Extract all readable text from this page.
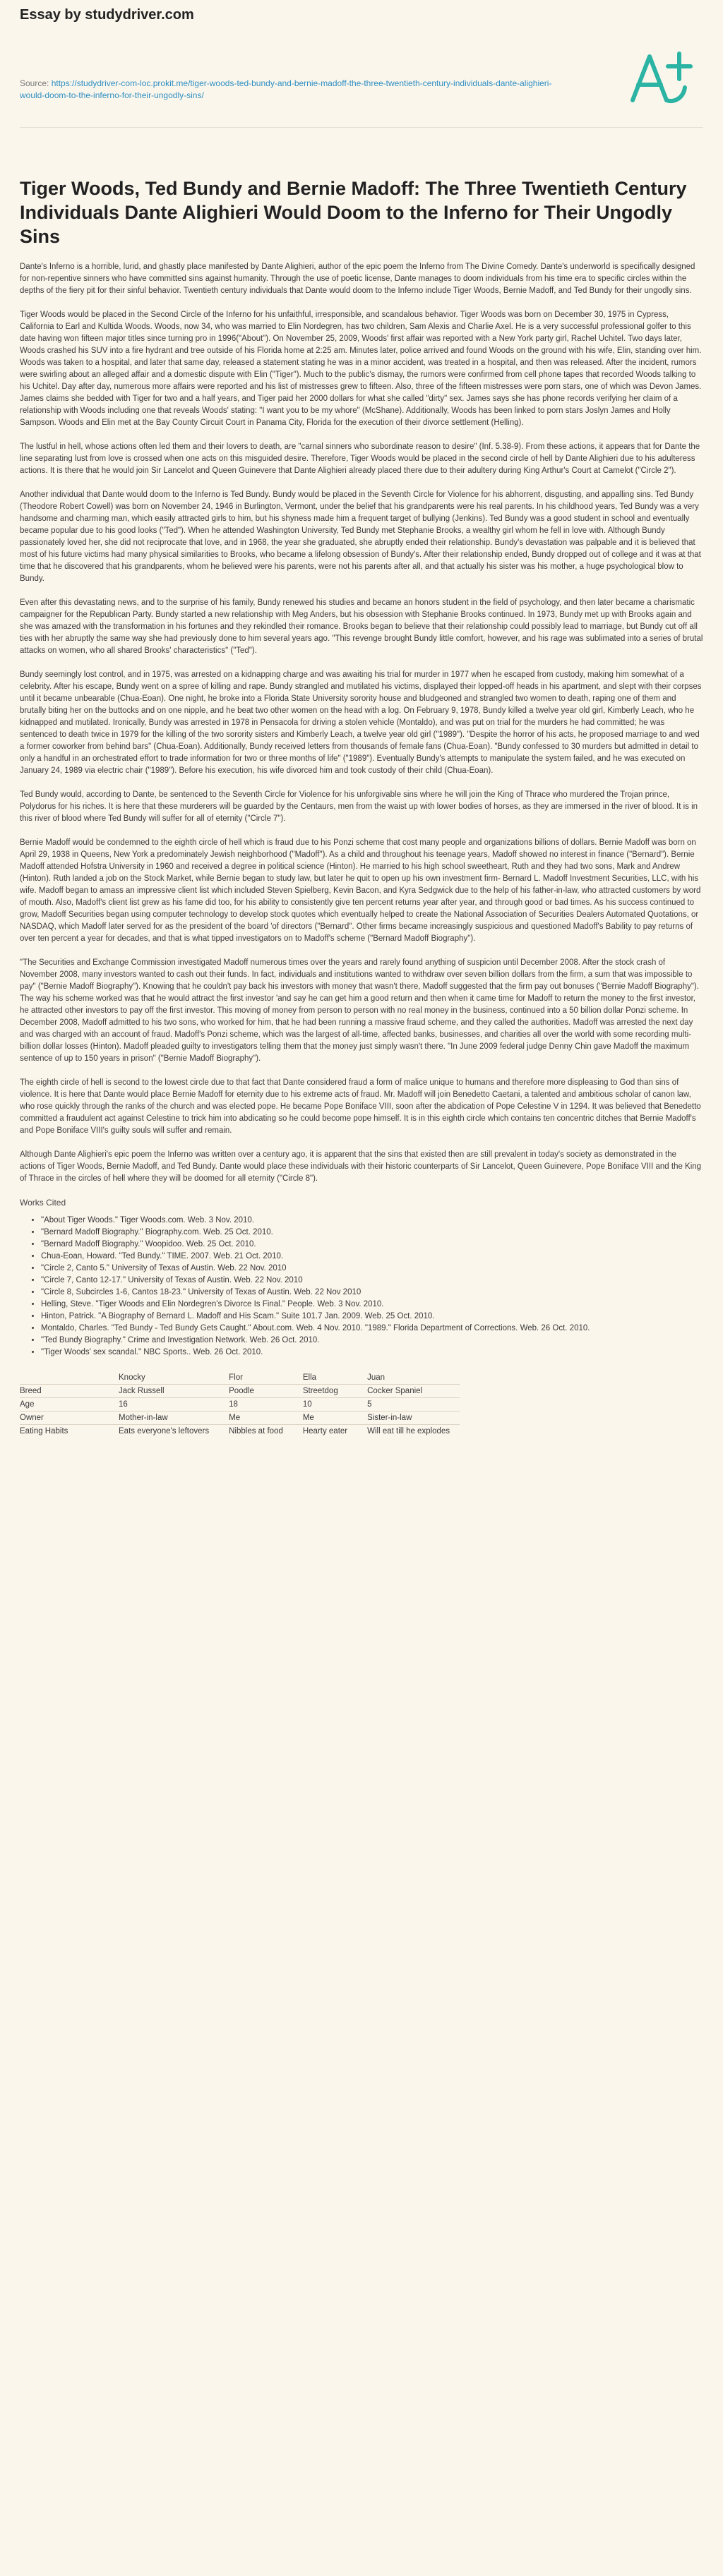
Essay by studydriver.com
Source: https://studydriver-com-loc.prokit.me/tiger-woods-ted-bundy-and-bernie-madoff-the-three-twentieth-century-individuals-dante-alighieri-would-doom-to-the-inferno-for-their-ungodly-sins/
Tiger Woods, Ted Bundy and Bernie Madoff: The Three Twentieth Century Individuals Dante Alighieri Would Doom to the Inferno for Their Ungodly Sins

Dante's Inferno is a horrible, lurid, and ghastly place manifested by Dante Alighieri, author of the epic poem the Inferno from The Divine Comedy. Dante's underworld is specifically designed for non-repentive sinners who have committed sins against humanity. Through the use of poetic license, Dante manages to doom individuals from his time era to specific circles within the depths of the fiery pit for their sinful behavior. Twentieth century individuals that Dante would doom to the Inferno include Tiger Woods, Bernie Madoff, and Ted Bundy for their ungodly sins.

Tiger Woods would be placed in the Second Circle of the Inferno for his unfaithful, irresponsible, and scandalous behavior. Tiger Woods was born on December 30, 1975 in Cypress, California to Earl and Kultida Woods. Woods, now 34, who was married to Elin Nordegren, has two children, Sam Alexis and Charlie Axel. He is a very successful professional golfer to this date having won fifteen major titles since turning pro in 1996("About"). On November 25, 2009, Woods' first affair was reported with a New York party girl, Rachel Uchitel. Two days later, Woods crashed his SUV into a fire hydrant and tree outside of his Florida home at 2:25 am. Minutes later, police arrived and found Woods on the ground with his wife, Elin, standing over him. Woods was taken to a hospital, and later that same day, released a statement stating he was in a minor accident, was treated in a hospital, and then was released. After the incident, rumors were swirling about an alleged affair and a domestic dispute with Elin ("Tiger"). Much to the public's dismay, the rumors were confirmed from cell phone tapes that recorded Woods talking to his Uchitel. Day after day, numerous more affairs were reported and his list of mistresses grew to fifteen. Also, three of the fifteen mistresses were porn stars, one of which was Devon James. James claims she bedded with Tiger for two and a half years, and Tiger paid her 2000 dollars for what she called "dirty" sex. James says she has phone records verifying her claim of a relationship with Woods including one that reveals Woods' stating: "I want you to be my whore" (McShane). Additionally, Woods has been linked to porn stars Joslyn James and Holly Sampson. Woods and Elin met at the Bay County Circuit Court in Panama City, Florida for the execution of their divorce settlement (Helling).

The lustful in hell, whose actions often led them and their lovers to death, are "carnal sinners who subordinate reason to desire" (Inf. 5.38-9). From these actions, it appears that for Dante the line separating lust from love is crossed when one acts on this misguided desire. Therefore, Tiger Woods would be placed in the second circle of hell by Dante Alighieri due to his adulteress actions. It is there that he would join Sir Lancelot and Queen Guinevere that Dante Alighieri already placed there due to their adultery during King Arthur's Court at Camelot ("Circle 2").

Another individual that Dante would doom to the Inferno is Ted Bundy. Bundy would be placed in the Seventh Circle for Violence for his abhorrent, disgusting, and appalling sins. Ted Bundy (Theodore Robert Cowell) was born on November 24, 1946 in Burlington, Vermont, under the belief that his grandparents were his real parents. In his childhood years, Ted Bundy was a very handsome and charming man, which easily attracted girls to him, but his shyness made him a frequent target of bullying (Jenkins). Ted Bundy was a good student in school and eventually became popular due to his good looks ("Ted"). When he attended Washington University, Ted Bundy met Stephanie Brooks, a wealthy girl whom he fell in love with. Although Bundy passionately loved her, she did not reciprocate that love, and in 1968, the year she graduated, she abruptly ended their relationship. Bundy's devastation was palpable and it is believed that most of his future victims had many physical similarities to Brooks, who became a lifelong obsession of Bundy's. After their relationship ended, Bundy dropped out of college and it was at that time that he discovered that his grandparents, whom he believed were his parents, were not his parents after all, and that actually his sister was his mother, a huge psychological blow to Bundy.

Even after this devastating news, and to the surprise of his family, Bundy renewed his studies and became an honors student in the field of psychology, and then later became a charismatic campaigner for the Republican Party. Bundy started a new relationship with Meg Anders, but his obsession with Stephanie Brooks continued. In 1973, Bundy met up with Brooks again and she was amazed with the transformation in his fortunes and they rekindled their romance. Brooks began to believe that their relationship could possibly lead to marriage, but Bundy cut off all ties with her abruptly the same way she had previously done to him several years ago. "This revenge brought Bundy little comfort, however, and his rage was sublimated into a series of brutal attacks on women, who all shared Brooks' characteristics" ("Ted").

Bundy seemingly lost control, and in 1975, was arrested on a kidnapping charge and was awaiting his trial for murder in 1977 when he escaped from custody, making him somewhat of a celebrity. After his escape, Bundy went on a spree of killing and rape. Bundy strangled and mutilated his victims, displayed their lopped-off heads in his apartment, and slept with their corpses until it became unbearable (Chua-Eoan). One night, he broke into a Florida State University sorority house and bludgeoned and strangled two women to death, raping one of them and brutally biting her on the buttocks and on one nipple, and he beat two other women on the head with a log. On February 9, 1978, Bundy killed a twelve year old girl, Kimberly Leach, who he kidnapped and mutilated. Ironically, Bundy was arrested in 1978 in Pensacola for driving a stolen vehicle (Montaldo), and was put on trial for the murders he had committed; he was sentenced to death twice in 1979 for the killing of the two sorority sisters and Kimberly Leach, a twelve year old girl ("1989"). "Despite the horror of his acts, he proposed marriage to and wed a former coworker from behind bars" (Chua-Eoan). Additionally, Bundy received letters from thousands of female fans (Chua-Eoan). "Bundy confessed to 30 murders but admitted in detail to only a handful in an orchestrated effort to trade information for two or three months of life" ("1989"). Eventually Bundy's attempts to manipulate the system failed, and he was executed on January 24, 1989 via electric chair ("1989"). Before his execution, his wife divorced him and took custody of their child (Chua-Eoan).

Ted Bundy would, according to Dante, be sentenced to the Seventh Circle for Violence for his unforgivable sins where he will join the King of Thrace who murdered the Trojan prince, Polydorus for his riches. It is here that these murderers will be guarded by the Centaurs, men from the waist up with lower bodies of horses, as they are immersed in the river of blood. It is in this river of blood where Ted Bundy will suffer for all of eternity ("Circle 7").

Bernie Madoff would be condemned to the eighth circle of hell which is fraud due to his Ponzi scheme that cost many people and organizations billions of dollars. Bernie Madoff was born on April 29, 1938 in Queens, New York a predominately Jewish neighborhood ("Madoff"). As a child and throughout his teenage years, Madoff showed no interest in finance ("Bernard"). Bernie Madoff attended Hofstra University in 1960 and received a degree in political science (Hinton). He married to his high school sweetheart, Ruth and they had two sons, Mark and Andrew (Hinton). Ruth landed a job on the Stock Market, while Bernie began to study law, but later he quit to open up his own investment firm- Bernard L. Madoff Investment Securities, LLC, with his wife. Madoff began to amass an impressive client list which included Steven Spielberg, Kevin Bacon, and Kyra Sedgwick due to the help of his father-in-law, who attracted customers by word of mouth. Also, Madoff's client list grew as his fame did too, for his ability to consistently give ten percent returns year after year, and through good or bad times. As his success continued to grow, Madoff Securities began using computer technology to develop stock quotes which eventually helped to create the National Association of Securities Dealers Automated Quotations, or NASDAQ, which Madoff later served for as the president of the board 'of directors ("Bernard". Other firms became increasingly suspicious and questioned Madoff's Bability to pay returns of over ten percent a year for decades, and that is what tipped investigators on to Madoff's scheme ("Bernard Madoff Biography").

"The Securities and Exchange Commission investigated Madoff numerous times over the years and rarely found anything of suspicion until December 2008. After the stock crash of November 2008, many investors wanted to cash out their funds. In fact, individuals and institutions wanted to withdraw over seven billion dollars from the firm, a sum that was impossible to pay" ("Bernie Madoff Biography"). Knowing that he couldn't pay back his investors with money that wasn't there, Madoff suggested that the firm pay out bonuses ("Bernie Madoff Biography"). The way his scheme worked was that he would attract the first investor 'and say he can get him a good return and then when it came time for Madoff to return the money to the first investor, he attracted other investors to pay off the first investor. This moving of money from person to person with no real money in the business, continued into a 50 billion dollar Ponzi scheme. In December 2008, Madoff admitted to his two sons, who worked for him, that he had been running a massive fraud scheme, and they called the authorities. Madoff was arrested the next day and was charged with an account of fraud. Madoff's Ponzi scheme, which was the largest of all-time, affected banks, businesses, and charities all over the world with some recording multi-billion dollar losses (Hinton). Madoff pleaded guilty to investigators telling them that the money just simply wasn't there. "In June 2009 federal judge Denny Chin gave Madoff the maximum sentence of up to 150 years in prison" ("Bernie Madoff Biography").

The eighth circle of hell is second to the lowest circle due to that fact that Dante considered fraud a form of malice unique to humans and therefore more displeasing to God than sins of violence. It is here that Dante would place Bernie Madoff for eternity due to his extreme acts of fraud. Mr. Madoff will join Benedetto Caetani, a talented and ambitious scholar of canon law, who rose quickly through the ranks of the church and was elected pope. He became Pope Boniface VIII, soon after the abdication of Pope Celestine V in 1294. It was believed that Benedetto committed a fraudulent act against Celestine to trick him into abdicating so he could become pope himself. It is in this eighth circle which contains ten concentric ditches that Bernie Madoff's and Pope Boniface VIII's guilty souls will suffer and remain.

Although Dante Alighieri's epic poem the Inferno was written over a century ago, it is apparent that the sins that existed then are still prevalent in today's society as demonstrated in the actions of Tiger Woods, Bernie Madoff, and Ted Bundy. Dante would place these individuals with their historic counterparts of Sir Lancelot, Queen Guinevere, Pope Boniface VIII and the King of Thrace in the circles of hell where they will be doomed for all eternity ("Circle 8").

Works Cited
• "About Tiger Woods." Tiger Woods.com. Web. 3 Nov. 2010.
• "Bernard Madoff Biography." Biography.com. Web. 25 Oct. 2010.
• "Bernard Madoff Biography." Woopidoo. Web. 25 Oct. 2010.
• Chua-Eoan, Howard. "Ted Bundy." TIME. 2007. Web. 21 Oct. 2010.
• "Circle 2, Canto 5." University of Texas of Austin. Web. 22 Nov. 2010
• "Circle 7, Canto 12-17." University of Texas of Austin. Web. 22 Nov. 2010
• "Circle 8, Subcircles 1-6, Cantos 18-23." University of Texas of Austin. Web. 22 Nov 2010
• Helling, Steve. "Tiger Woods and Elin Nordegren's Divorce Is Final." People. Web. 3 Nov. 2010.
• Hinton, Patrick. "A Biography of Bernard L. Madoff and His Scam." Suite 101.7 Jan. 2009. Web. 25 Oct. 2010.
• Montaldo, Charles. "Ted Bundy - Ted Bundy Gets Caught." About.com. Web. 4 Nov. 2010. "1989." Florida Department of Corrections. Web. 26 Oct. 2010.
• "Ted Bundy Biography." Crime and Investigation Network. Web. 26 Oct. 2010.
• "Tiger Woods' sex scandal." NBC Sports.. Web. 26 Oct. 2010.
	Knocky	Flor	Ella	Juan
Breed	Jack Russell	Poodle	Streetdog	Cocker Spaniel
Age	16	18	10	5
Owner	Mother-in-law	Me	Me	Sister-in-law
Eating Habits	Eats everyone's leftovers	Nibbles at food	Hearty eater	Will eat till he explodes
